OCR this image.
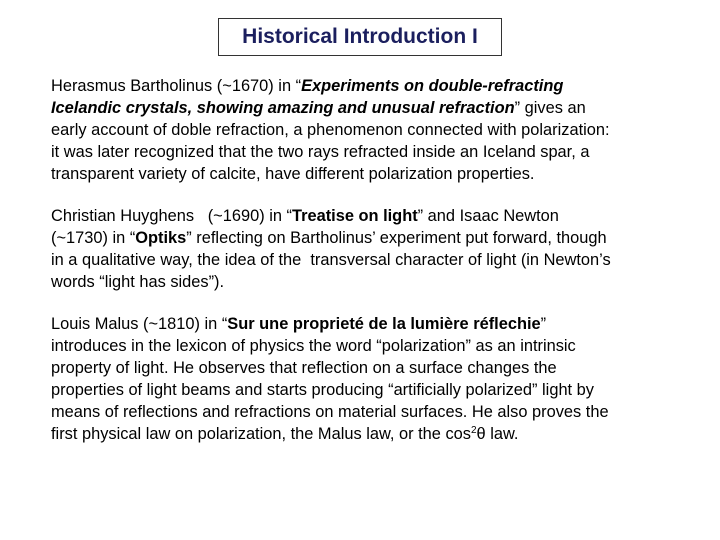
Historical Introduction I

Herasmus Bartholinus (~1670) in “Experiments on double-refracting
Icelandic crystals, showing amazing and unusual refraction” gives an
early account of doble refraction, a phenomenon connected with polarization:
it was later recognized that the two rays refracted inside an Iceland spar, a
transparent variety of calcite, have different polarization properties.

Christian Huyghens   (~1690) in “Treatise on light” and Isaac Newton
(~1730) in “Optiks” reflecting on Bartholinus’ experiment put forward, though
in a qualitative way, the idea of the  transversal character of light (in Newton’s
words “light has sides”).

Louis Malus (~1810) in “Sur une proprieté de la lumière réflechie”
introduces in the lexicon of physics the word “polarization” as an intrinsic
property of light. He observes that reflection on a surface changes the
properties of light beams and starts producing “artificially polarized” light by
means of reflections and refractions on material surfaces. He also proves the
first physical law on polarization, the Malus law, or the $\cos^2\theta$ law.
